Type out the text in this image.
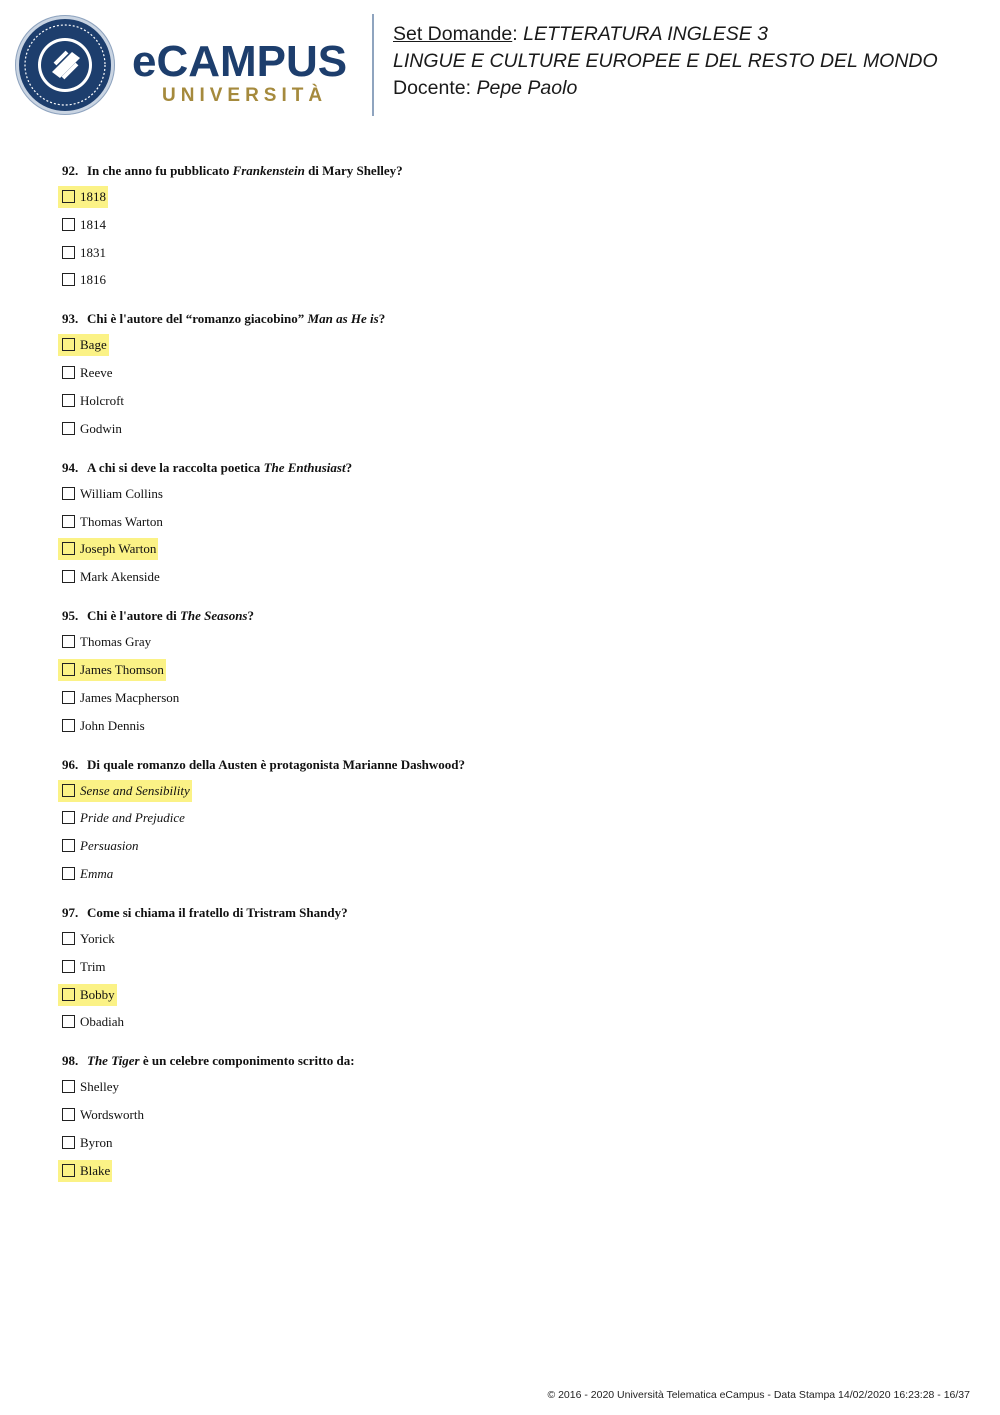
eCAMPUS
UNIVERSITÀ
Set Domande: LETTERATURA INGLESE 3
LINGUE E CULTURE EUROPEE E DEL RESTO DEL MONDO
Docente: Pepe Paolo
92. In che anno fu pubblicato Frankenstein di Mary Shelley?
1818
1814
1831
1816
93. Chi è l'autore del “romanzo giacobino” Man as He is?
Bage
Reeve
Holcroft
Godwin
94. A chi si deve la raccolta poetica The Enthusiast?
William Collins
Thomas Warton
Joseph Warton
Mark Akenside
95. Chi è l'autore di The Seasons?
Thomas Gray
James Thomson
James Macpherson
John Dennis
96. Di quale romanzo della Austen è protagonista Marianne Dashwood?
Sense and Sensibility
Pride and Prejudice
Persuasion
Emma
97. Come si chiama il fratello di Tristram Shandy?
Yorick
Trim
Bobby
Obadiah
98. The Tiger è un celebre componimento scritto da:
Shelley
Wordsworth
Byron
Blake
© 2016 - 2020 Università Telematica eCampus - Data Stampa 14/02/2020 16:23:28 - 16/37
